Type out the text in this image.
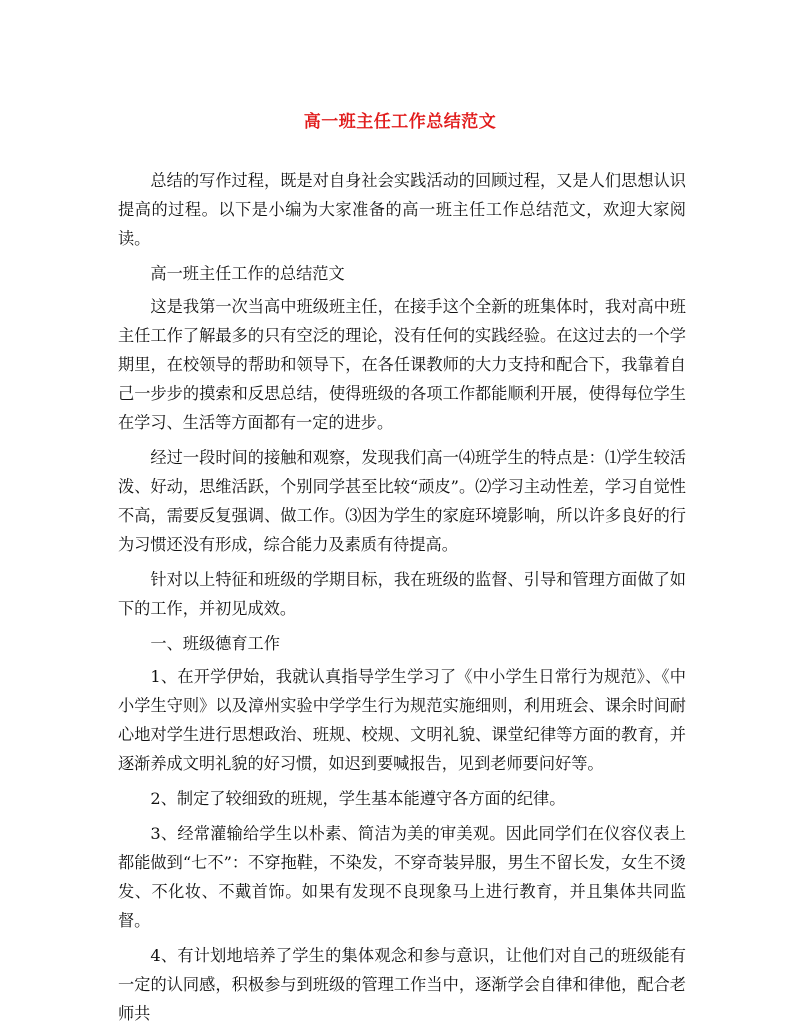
高一班主任工作总结范文

总结的写作过程，既是对自身社会实践活动的回顾过程，又是人们思想认识提高的过程。以下是小编为大家准备的高一班主任工作总结范文，欢迎大家阅读。

高一班主任工作的总结范文

这是我第一次当高中班级班主任，在接手这个全新的班集体时，我对高中班主任工作了解最多的只有空泛的理论，没有任何的实践经验。在这过去的一个学期里，在校领导的帮助和领导下，在各任课教师的大力支持和配合下，我靠着自己一步步的摸索和反思总结，使得班级的各项工作都能顺利开展，使得每位学生在学习、生活等方面都有一定的进步。

经过一段时间的接触和观察，发现我们高一⑷班学生的特点是：⑴学生较活泼、好动，思维活跃，个别同学甚至比较“顽皮”。⑵学习主动性差，学习自觉性不高，需要反复强调、做工作。⑶因为学生的家庭环境影响，所以许多良好的行为习惯还没有形成，综合能力及素质有待提高。

针对以上特征和班级的学期目标，我在班级的监督、引导和管理方面做了如下的工作，并初见成效。

一、班级德育工作

1、在开学伊始，我就认真指导学生学习了《中小学生日常行为规范》、《中小学生守则》以及漳州实验中学学生行为规范实施细则，利用班会、课余时间耐心地对学生进行思想政治、班规、校规、文明礼貌、课堂纪律等方面的教育，并逐渐养成文明礼貌的好习惯，如迟到要喊报告，见到老师要问好等。

2、制定了较细致的班规，学生基本能遵守各方面的纪律。

3、经常灌输给学生以朴素、简洁为美的审美观。因此同学们在仪容仪表上都能做到“七不”：不穿拖鞋，不染发，不穿奇装异服，男生不留长发，女生不烫发、不化妆、不戴首饰。如果有发现不良现象马上进行教育，并且集体共同监督。

4、有计划地培养了学生的集体观念和参与意识，让他们对自己的班级能有一定的认同感，积极参与到班级的管理工作当中，逐渐学会自律和律他，配合老师共
